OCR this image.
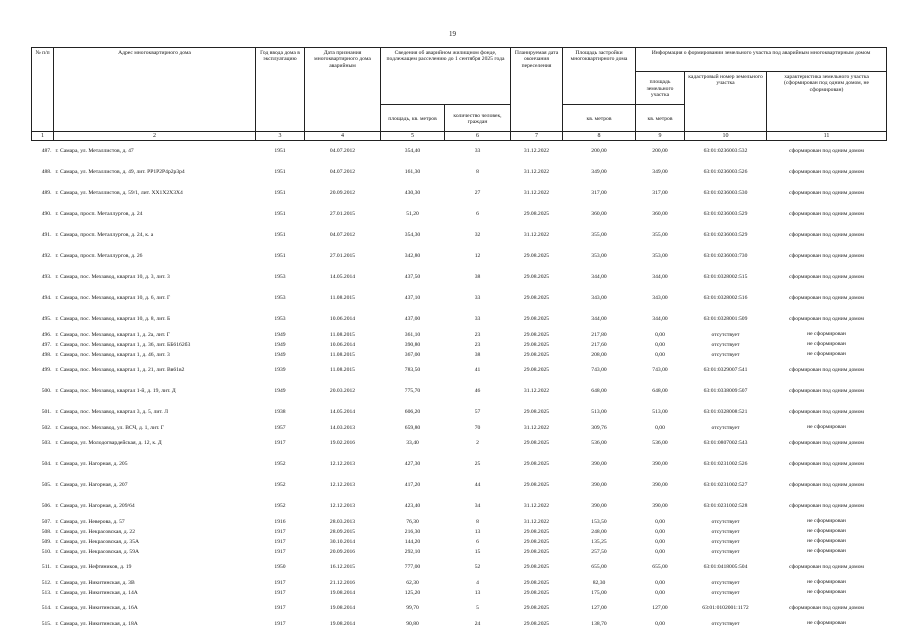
19
№ п/п	Адрес многоквартирного дома	Год ввода дома в эксплуатацию	Дата признания многоквартирного дома аварийным	Сведения об аварийном жилищном фонде, подлежащем расселению до 1 сентября 2025 года		Планируемая дата окончания переселения	Площадь застройки многоквартирного дома	Информация о формировании земельного участка под аварийным многоквартирным домом		
								площадь земельного участка	кадастровый номер земельного участка	характеристика земельного участка (сформирован под одним домом, не сформирован)
				площадь, кв. метров	количество человек, граждан		кв. метров	кв. метров		
1	2	3	4	5	6	7	8	9	10	11
487.	г. Самара, ул. Металлистов, д. 47	1951	04.07.2012	354,40	33	31.12.2022	200,00	200,00	63:01:0236003:532	сформирован под одним домом
488.	г. Самара, ул. Металлистов, д. 49, лит. РР1Р2Р4р2р3р4	1951	04.07.2012	161,30	8	31.12.2022	349,00	349,00	63:01:0236003:526	сформирован под одним домом
489.	г. Самара, ул. Металлистов, д. 59/1, лит. ХХ1Х2Х3Х4	1951	20.09.2012	430,30	27	31.12.2022	317,00	317,00	63:01:0236003:530	сформирован под одним домом
490.	г. Самара, просп. Металлургов, д. 24	1951	27.01.2015	51,20	6	29.08.2025	360,00	360,00	63:01:0236003:529	сформирован под одним домом
491.	г. Самара, просп. Металлургов, д. 24, к. а	1951	04.07.2012	354,30	32	31.12.2022	355,00	355,00	63:01:0236003:529	сформирован под одним домом
492.	г. Самара, просп. Металлургов, д. 26	1951	27.01.2015	342,80	12	29.08.2025	353,00	353,00	63:01:0236003:730	сформирован под одним домом
493.	г. Самара, пос. Мехзавод, квартал 10, д. 3, лит. 3	1953	14.05.2014	437,50	38	29.08.2025	344,00	344,00	63:01:0328002:515	сформирован под одним домом
494.	г. Самара, пос. Мехзавод, квартал 10, д. 6, лит. Г	1953	11.08.2015	437,10	33	29.08.2025	343,00	343,00	63:01:0328002:516	сформирован под одним домом
495.	г. Самара, пос. Мехзавод, квартал 10, д. 8, лит. Б	1953	10.06.2014	437,00	33	29.08.2025	344,00	344,00	63:01:0328001:509	сформирован под одним домом
496.	г. Самара, пос. Мехзавод, квартал 1, д. 2а, лит. Г	1949	11.08.2015	361,10	23	29.08.2025	217,80	0,00	отсутствует	не сформирован
497.	г. Самара, пос. Мехзавод, квартал 1, д. 36, лит. ББ6162б3	1949	10.06.2014	390,80	23	29.08.2025	217,60	0,00	отсутствует	не сформирован
498.	г. Самара, пос. Мехзавод, квартал 1, д. 46, лит. 3	1949	11.08.2015	367,00	38	29.08.2025	208,00	0,00	отсутствует	не сформирован
499.	г. Самара, пос. Мехзавод, квартал 1, д. 21, лит. Вв61в2	1939	11.08.2015	783,50	41	29.08.2025	743,00	743,00	63:01:0329007:541	сформирован под одним домом
500.	г. Самара, пос. Мехзавод, квартал 1-й, д. 19, лит. Д	1949	20.03.2012	775,70	46	31.12.2022	648,00	648,00	63:01:0338009:507	сформирован под одним домом
501.	г. Самара, пос. Мехзавод, квартал 3, д. 5, лит. Л	1938	14.05.2014	606,20	57	29.08.2025	513,00	513,00	63:01:0328008:521	сформирован под одним домом
502.	г. Самара, пос. Мехзавод, ул. ВСЧ, д. 1, лит. Г	1957	14.03.2013	659,80	70	31.12.2022	309,76	0,00	отсутствует	не сформирован
503.	г. Самара, ул. Молодогвардейская, д. 12, к. Д	1917	19.02.2016	33,40	2	29.08.2025	536,00	536,00	63:01:0807002:543	сформирован под одним домом
504.	г. Самара, ул. Нагорная, д. 205	1952	12.12.2013	427,30	25	29.08.2025	390,00	390,00	63:01:0231002:526	сформирован под одним домом
505.	г. Самара, ул. Нагорная, д. 207	1952	12.12.2013	417,20	44	29.08.2025	390,00	390,00	63:01:0231002:527	сформирован под одним домом
506.	г. Самара, ул. Нагорная, д. 209/64	1952	12.12.2013	423,40	34	31.12.2022	390,00	390,00	63:01:0231002:528	сформирован под одним домом
507.	г. Самара, ул. Неверова, д. 57	1916	28.03.2013	76,30	8	31.12.2022	153,50	0,00	отсутствует	не сформирован
508.	г. Самара, ул. Некрасовская, д. 22	1917	28.09.2015	216,30	13	29.08.2025	248,00	0,00	отсутствует	не сформирован
509.	г. Самара, ул. Некрасовская, д. 35А	1917	30.10.2014	144,20	6	29.08.2025	135,25	0,00	отсутствует	не сформирован
510.	г. Самара, ул. Некрасовская, д. 59А	1917	20.09.2016	292,10	15	29.08.2025	257,50	0,00	отсутствует	не сформирован
511.	г. Самара, ул. Нефтяников, д. 19	1950	16.12.2015	777,00	52	29.08.2025	655,00	655,00	63:01:0418005:504	сформирован под одним домом
512.	г. Самара, ул. Никитинская, д. 3В	1917	21.12.2016	62,30	4	29.08.2025	82,30	0,00	отсутствует	не сформирован
513.	г. Самара, ул. Никитинская, д. 14А	1917	19.08.2014	125,20	13	29.08.2025	175,00	0,00	отсутствует	не сформирован
514.	г. Самара, ул. Никитинская, д. 16А	1917	19.08.2014	99,70	5	29.08.2025	127,00	127,00	63:01:0102001:1172	сформирован под одним домом
515.	г. Самара, ул. Никитинская, д. 18А	1917	19.08.2014	90,80	24	29.08.2025	138,70	0,00	отсутствует	не сформирован
